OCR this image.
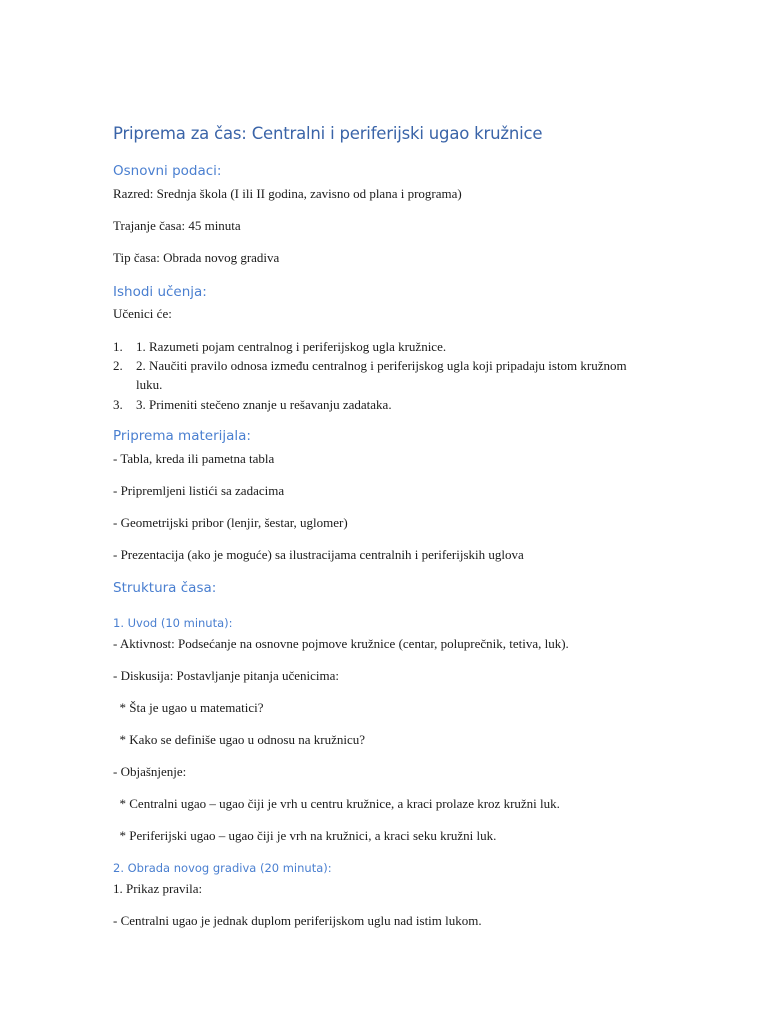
Priprema za čas: Centralni i periferijski ugao kružnice
Osnovni podaci:
Razred: Srednja škola (I ili II godina, zavisno od plana i programa)
Trajanje časa: 45 minuta
Tip časa: Obrada novog gradiva
Ishodi učenja:
Učenici će:
1.	1. Razumeti pojam centralnog i periferijskog ugla kružnice.
2.	2. Naučiti pravilo odnosa između centralnog i periferijskog ugla koji pripadaju istom kružnom luku.
3.	3. Primeniti stečeno znanje u rešavanju zadataka.
Priprema materijala:
- Tabla, kreda ili pametna tabla
- Pripremljeni listići sa zadacima
- Geometrijski pribor (lenjir, šestar, uglomer)
- Prezentacija (ako je moguće) sa ilustracijama centralnih i periferijskih uglova
Struktura časa:
1. Uvod (10 minuta):
- Aktivnost: Podsećanje na osnovne pojmove kružnice (centar, poluprečnik, tetiva, luk).
- Diskusija: Postavljanje pitanja učenicima:
* Šta je ugao u matematici?
* Kako se definiše ugao u odnosu na kružnicu?
- Objašnjenje:
* Centralni ugao – ugao čiji je vrh u centru kružnice, a kraci prolaze kroz kružni luk.
* Periferijski ugao – ugao čiji je vrh na kružnici, a kraci seku kružni luk.
2. Obrada novog gradiva (20 minuta):
1. Prikaz pravila:
- Centralni ugao je jednak duplom periferijskom uglu nad istim lukom.
